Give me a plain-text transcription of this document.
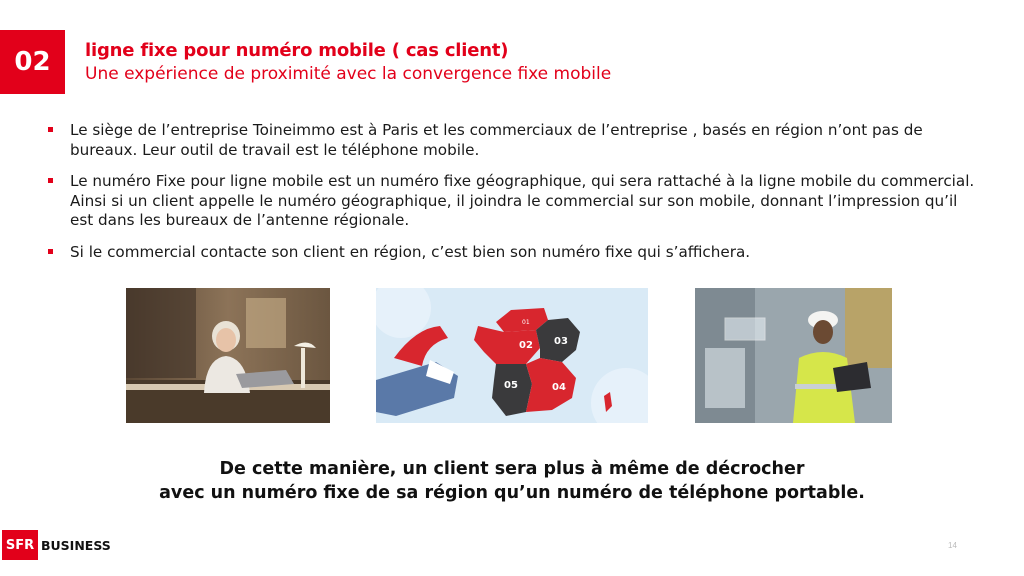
02 ligne fixe pour numéro mobile ( cas client)
Une expérience de proximité avec la convergence fixe mobile
Le siège de l’entreprise Toineimmo est à Paris et les commerciaux de l’entreprise , basés en région n’ont pas de bureaux. Leur outil de travail est le téléphone mobile.
Le numéro Fixe pour ligne mobile est un numéro fixe géographique, qui sera rattaché à la ligne mobile du commercial. Ainsi si un client appelle le numéro géographique, il joindra le commercial sur son mobile, donnant l’impression qu’il est dans les bureaux de l’antenne régionale.
Si le commercial contacte son client en région, c’est bien son numéro fixe qui s’affichera.
01
02 03
04
05
De cette manière, un client sera plus à même de décrocher
avec un numéro fixe de sa région qu’un numéro de téléphone portable.
SFR BUSINESS	14
